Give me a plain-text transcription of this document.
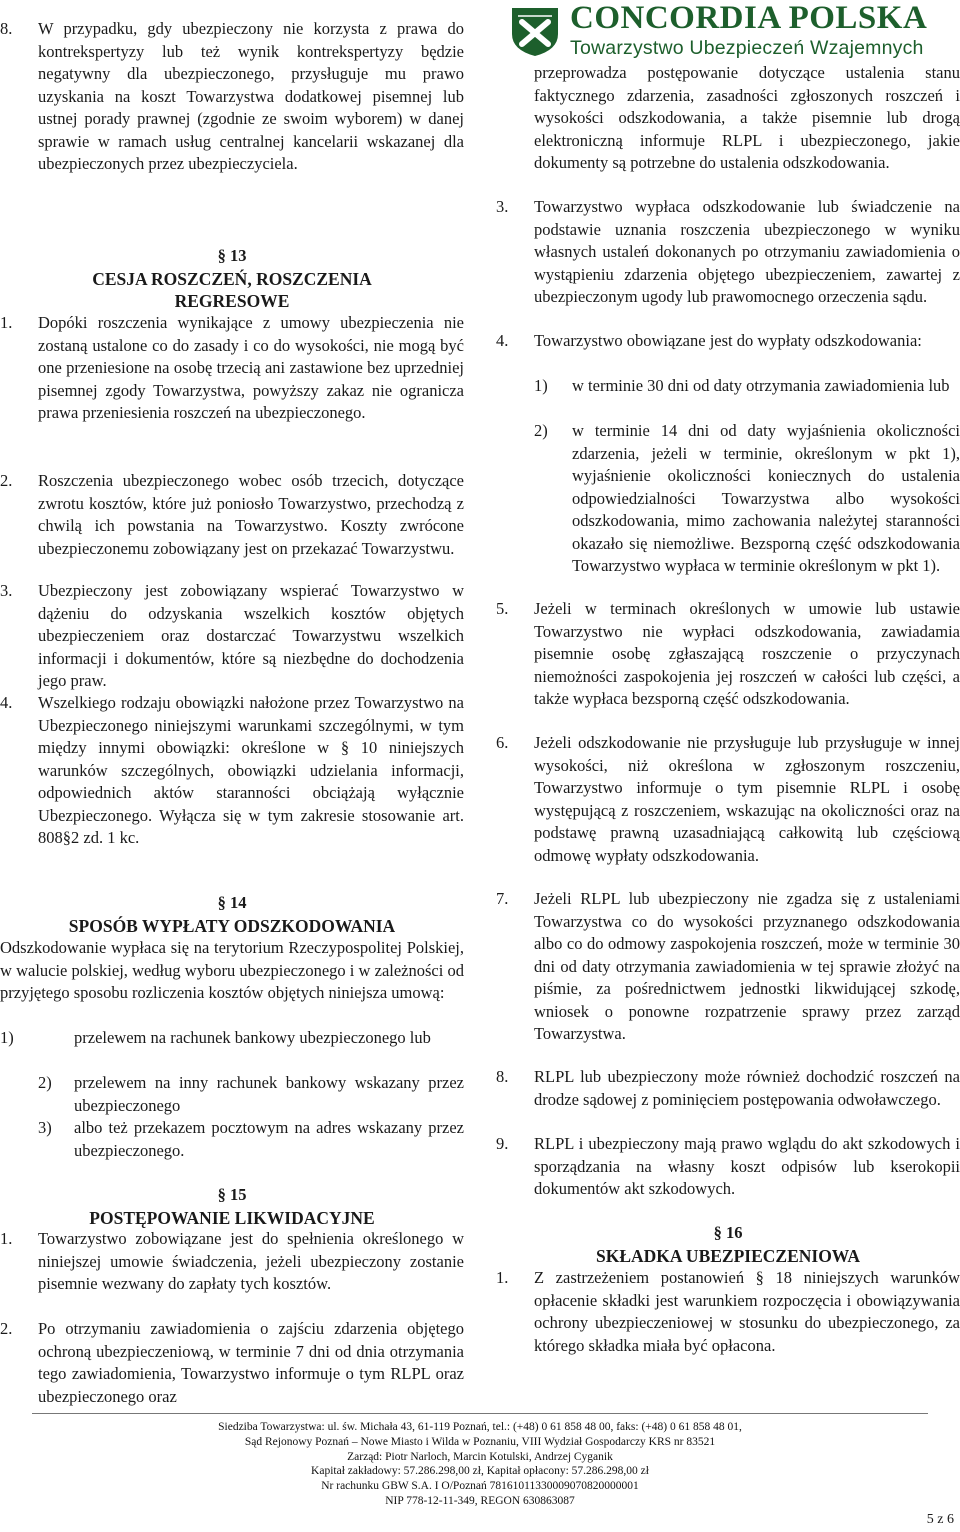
8. W przypadku, gdy ubezpieczony nie korzysta z prawa do kontrekspertyzy lub też wynik kontrekspertyzy będzie negatywny dla ubezpieczonego, przysługuje mu prawo uzyskania na koszt Towarzystwa dodatkowej pisemnej lub ustnej porady prawnej (zgodnie ze swoim wyborem) w danej sprawie w ramach usług centralnej kancelarii wskazanej dla ubezpieczonych przez ubezpieczyciela.
§ 13
CESJA ROSZCZEŃ, ROSZCZENIA
REGRESOWE
1. Dopóki roszczenia wynikające z umowy ubezpieczenia nie zostaną ustalone co do zasady i co do wysokości, nie mogą być one przeniesione na osobę trzecią ani zastawione bez uprzedniej pisemnej zgody Towarzystwa, powyższy zakaz nie ogranicza prawa przeniesienia roszczeń na ubezpieczonego.
2. Roszczenia ubezpieczonego wobec osób trzecich, dotyczące zwrotu kosztów, które już poniosło Towarzystwo, przechodzą z chwilą ich powstania na Towarzystwo. Koszty zwrócone ubezpieczonemu zobowiązany jest on przekazać Towarzystwu.
3. Ubezpieczony jest zobowiązany wspierać Towarzystwo w dążeniu do odzyskania wszelkich kosztów objętych ubezpieczeniem oraz dostarczać Towarzystwu wszelkich informacji i dokumentów, które są niezbędne do dochodzenia jego praw.
4. Wszelkiego rodzaju obowiązki nałożone przez Towarzystwo na Ubezpieczonego niniejszymi warunkami szczególnymi, w tym między innymi obowiązki: określone w § 10 niniejszych warunków szczególnych, obowiązki udzielania informacji, odpowiednich aktów staranności obciążają wyłącznie Ubezpieczonego. Wyłącza się w tym zakresie stosowanie art. 808§2 zd. 1 kc.
§ 14
SPOSÓB WYPŁATY ODSZKODOWANIA
Odszkodowanie wypłaca się na terytorium Rzeczypospolitej Polskiej, w walucie polskiej, według wyboru ubezpieczonego i w zależności od przyjętego sposobu rozliczenia kosztów objętych niniejsza umową:
1)	przelewem na rachunek bankowy ubezpieczonego lub
2) przelewem na inny rachunek bankowy wskazany przez ubezpieczonego
3) albo też przekazem pocztowym na adres wskazany przez ubezpieczonego.
§ 15
POSTĘPOWANIE LIKWIDACYJNE
1. Towarzystwo zobowiązane jest do spełnienia określonego w niniejszej umowie świadczenia, jeżeli ubezpieczony zostanie pisemnie wezwany do zapłaty tych kosztów.
2. Po otrzymaniu zawiadomienia o zajściu zdarzenia objętego ochroną ubezpieczeniową, w terminie 7 dni od dnia otrzymania tego zawiadomienia, Towarzystwo informuje o tym RLPL oraz ubezpieczonego oraz
CONCORDIA POLSKA
Towarzystwo Ubezpieczeń Wzajemnych
przeprowadza postępowanie dotyczące ustalenia stanu faktycznego zdarzenia, zasadności zgłoszonych roszczeń i wysokości odszkodowania, a także pisemnie lub drogą elektroniczną informuje RLPL i ubezpieczonego, jakie dokumenty są potrzebne do ustalenia odszkodowania.
3. Towarzystwo wypłaca odszkodowanie lub świadczenie na podstawie uznania roszczenia ubezpieczonego w wyniku własnych ustaleń dokonanych po otrzymaniu zawiadomienia o wystąpieniu zdarzenia objętego ubezpieczeniem, zawartej z ubezpieczonym ugody lub prawomocnego orzeczenia sądu.
4. Towarzystwo obowiązane jest do wypłaty odszkodowania:
1) w terminie 30 dni od daty otrzymania zawiadomienia lub
2) w terminie 14 dni od daty wyjaśnienia okoliczności zdarzenia, jeżeli w terminie, określonym w pkt 1), wyjaśnienie okoliczności koniecznych do ustalenia odpowiedzialności Towarzystwa albo wysokości odszkodowania, mimo zachowania należytej staranności okazało się niemożliwe. Bezsporną część odszkodowania Towarzystwo wypłaca w terminie określonym w pkt 1).
5. Jeżeli w terminach określonych w umowie lub ustawie Towarzystwo nie wypłaci odszkodowania, zawiadamia pisemnie osobę zgłaszającą roszczenie o przyczynach niemożności zaspokojenia jej roszczeń w całości lub części, a także wypłaca bezsporną część odszkodowania.
6. Jeżeli odszkodowanie nie przysługuje lub przysługuje w innej wysokości, niż określona w zgłoszonym roszczeniu, Towarzystwo informuje o tym pisemnie RLPL i osobę występującą z roszczeniem, wskazując na okoliczności oraz na podstawę prawną uzasadniającą całkowitą lub częściową odmowę wypłaty odszkodowania.
7. Jeżeli RLPL lub ubezpieczony nie zgadza się z ustaleniami Towarzystwa co do wysokości przyznanego odszkodowania albo co do odmowy zaspokojenia roszczeń, może w terminie 30 dni od daty otrzymania zawiadomienia w tej sprawie złożyć na piśmie, za pośrednictwem jednostki likwidującej szkodę, wniosek o ponowne rozpatrzenie sprawy przez zarząd Towarzystwa.
8. RLPL lub ubezpieczony może również dochodzić roszczeń na drodze sądowej z pominięciem postępowania odwoławczego.
9. RLPL i ubezpieczony mają prawo wglądu do akt szkodowych i sporządzania na własny koszt odpisów lub kserokopii dokumentów akt szkodowych.
§ 16
SKŁADKA UBEZPIECZENIOWA
1. Z zastrzeżeniem postanowień § 18 niniejszych warunków opłacenie składki jest warunkiem rozpoczęcia i obowiązywania ochrony ubezpieczeniowej w stosunku do ubezpieczonego, za którego składka miała być opłacona.
Siedziba Towarzystwa: ul. św. Michała 43, 61-119 Poznań, tel.: (+48) 0 61 858 48 00, faks: (+48) 0 61 858 48 01,
Sąd Rejonowy Poznań – Nowe Miasto i Wilda w Poznaniu, VIII Wydział Gospodarczy KRS nr 83521
Zarząd: Piotr Narloch, Marcin Kotulski, Andrzej Cyganik
Kapitał zakładowy: 57.286.298,00 zł, Kapitał opłacony: 57.286.298,00 zł
Nr rachunku GBW S.A. I O/Poznań 78161011330009070820000001
NIP 778-12-11-349, REGON 630863087
5 z 6
